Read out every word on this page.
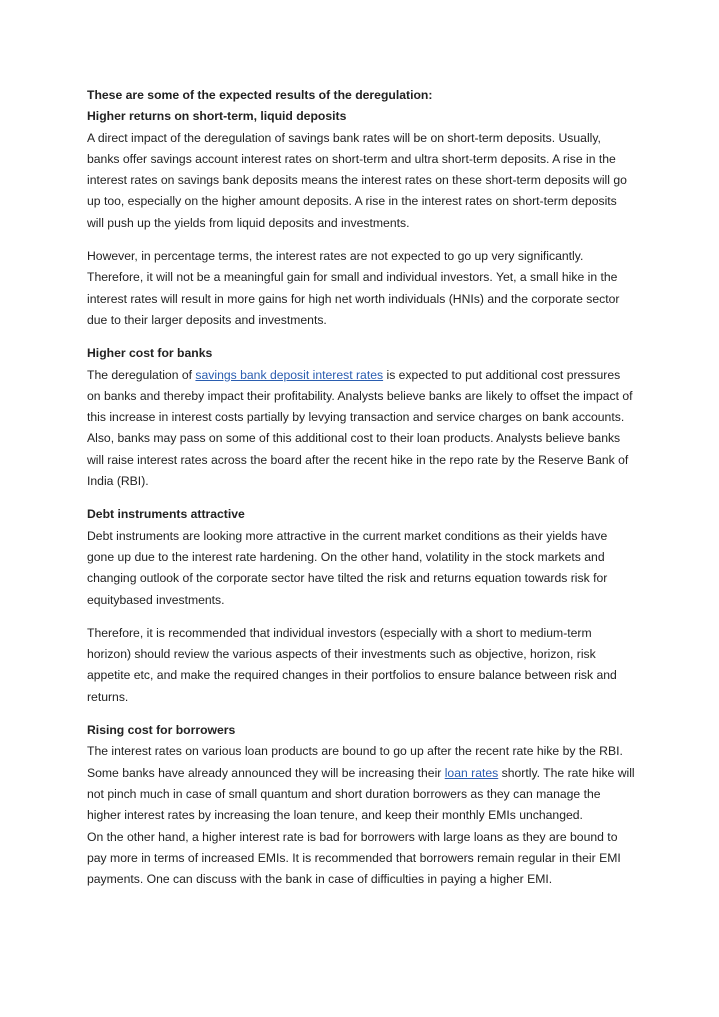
These are some of the expected results of the deregulation:

Higher returns on short-term, liquid deposits

A direct impact of the deregulation of savings bank rates will be on short-term deposits. Usually, banks offer savings account interest rates on short-term and ultra short-term deposits. A rise in the interest rates on savings bank deposits means the interest rates on these short-term deposits will go up too, especially on the higher amount deposits. A rise in the interest rates on short-term deposits will push up the yields from liquid deposits and investments.

However, in percentage terms, the interest rates are not expected to go up very significantly. Therefore, it will not be a meaningful gain for small and individual investors. Yet, a small hike in the interest rates will result in more gains for high net worth individuals (HNIs) and the corporate sector due to their larger deposits and investments.

Higher cost for banks

The deregulation of savings bank deposit interest rates is expected to put additional cost pressures on banks and thereby impact their profitability. Analysts believe banks are likely to offset the impact of this increase in interest costs partially by levying transaction and service charges on bank accounts. Also, banks may pass on some of this additional cost to their loan products. Analysts believe banks will raise interest rates across the board after the recent hike in the repo rate by the Reserve Bank of India (RBI).

Debt instruments attractive

Debt instruments are looking more attractive in the current market conditions as their yields have gone up due to the interest rate hardening. On the other hand, volatility in the stock markets and changing outlook of the corporate sector have tilted the risk and returns equation towards risk for equitybased investments.

Therefore, it is recommended that individual investors (especially with a short to medium-term horizon) should review the various aspects of their investments such as objective, horizon, risk appetite etc, and make the required changes in their portfolios to ensure balance between risk and returns.

Rising cost for borrowers

The interest rates on various loan products are bound to go up after the recent rate hike by the RBI. Some banks have already announced they will be increasing their loan rates shortly. The rate hike will not pinch much in case of small quantum and short duration borrowers as they can manage the higher interest rates by increasing the loan tenure, and keep their monthly EMIs unchanged.

On the other hand, a higher interest rate is bad for borrowers with large loans as they are bound to pay more in terms of increased EMIs. It is recommended that borrowers remain regular in their EMI payments. One can discuss with the bank in case of difficulties in paying a higher EMI.
